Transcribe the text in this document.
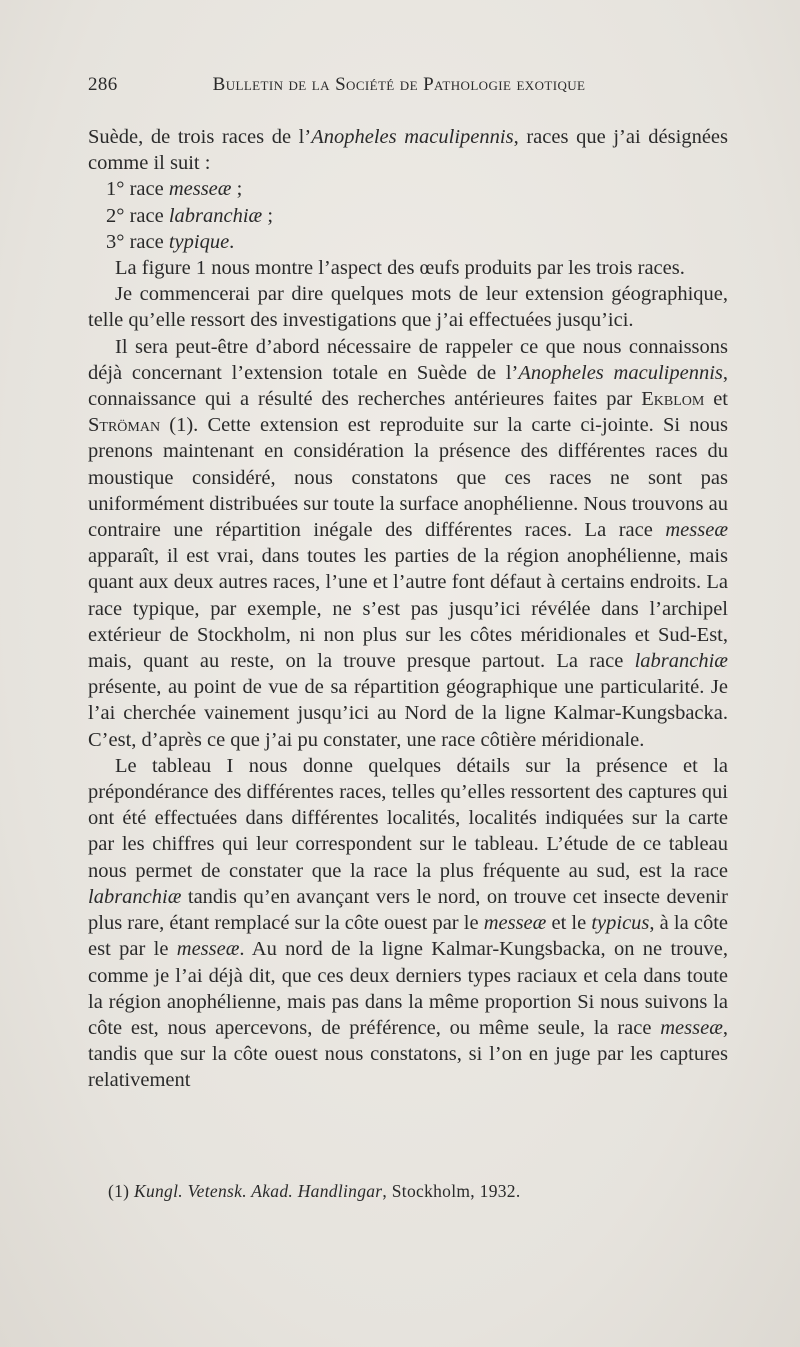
286	Bulletin de la Société de Pathologie exotique

Suède, de trois races de l’Anopheles maculipennis, races que j’ai désignées comme il suit :

1° race messeæ ;
2° race labranchiæ ;
3° race typique.

La figure 1 nous montre l’aspect des œufs produits par les trois races.

Je commencerai par dire quelques mots de leur extension géographique, telle qu’elle ressort des investigations que j’ai effectuées jusqu’ici.

Il sera peut-être d’abord nécessaire de rappeler ce que nous connaissons déjà concernant l’extension totale en Suède de l’Anopheles maculipennis, connaissance qui a résulté des recherches antérieures faites par Ekblom et Ströman (1). Cette extension est reproduite sur la carte ci-jointe. Si nous prenons maintenant en considération la présence des différentes races du moustique considéré, nous constatons que ces races ne sont pas uniformément distribuées sur toute la surface anophélienne. Nous trouvons au contraire une répartition inégale des différentes races. La race messeæ apparaît, il est vrai, dans toutes les parties de la région anophélienne, mais quant aux deux autres races, l’une et l’autre font défaut à certains endroits. La race typique, par exemple, ne s’est pas jusqu’ici révélée dans l’archipel extérieur de Stockholm, ni non plus sur les côtes méridionales et Sud-Est, mais, quant au reste, on la trouve presque partout. La race labranchiæ présente, au point de vue de sa répartition géographique une particularité. Je l’ai cherchée vainement jusqu’ici au Nord de la ligne Kalmar-Kungsbacka. C’est, d’après ce que j’ai pu constater, une race côtière méridionale.

Le tableau I nous donne quelques détails sur la présence et la prépondérance des différentes races, telles qu’elles ressortent des captures qui ont été effectuées dans différentes localités, localités indiquées sur la carte par les chiffres qui leur correspondent sur le tableau. L’étude de ce tableau nous permet de constater que la race la plus fréquente au sud, est la race labranchiæ tandis qu’en avançant vers le nord, on trouve cet insecte devenir plus rare, étant remplacé sur la côte ouest par le messeæ et le typicus, à la côte est par le messeæ. Au nord de la ligne Kalmar-Kungsbacka, on ne trouve, comme je l’ai déjà dit, que ces deux derniers types raciaux et cela dans toute la région anophélienne, mais pas dans la même proportion Si nous suivons la côte est, nous apercevons, de préférence, ou même seule, la race messeæ, tandis que sur la côte ouest nous constatons, si l’on en juge par les captures relativement

(1) Kungl. Vetensk. Akad. Handlingar, Stockholm, 1932.
